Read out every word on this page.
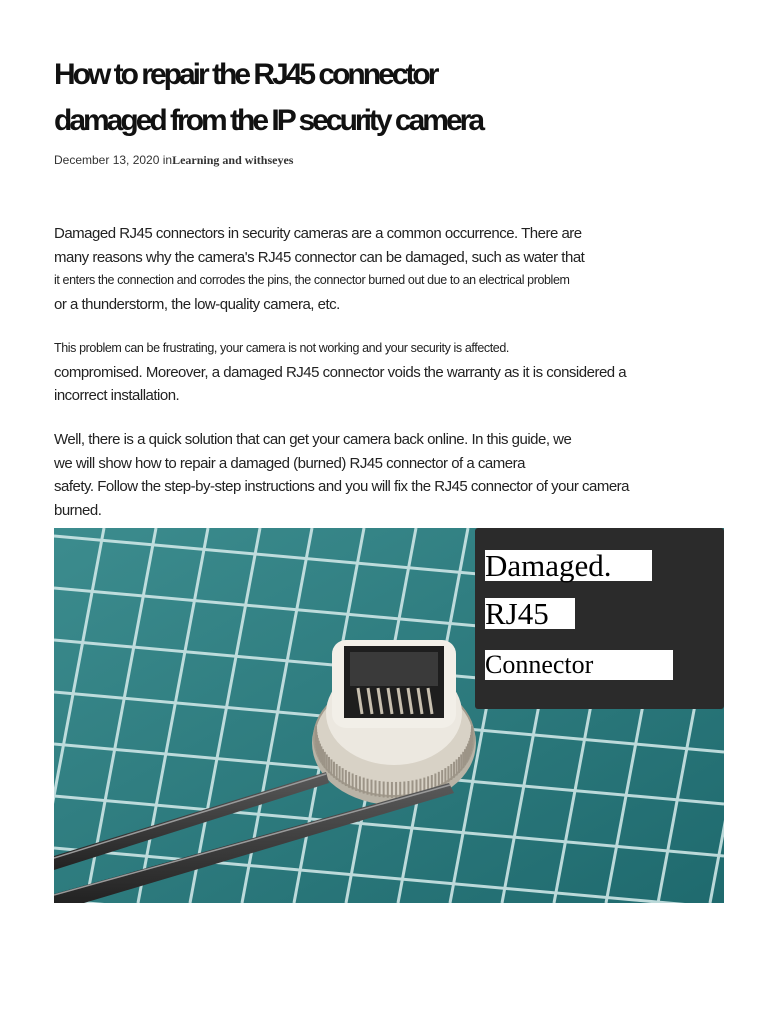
How to repair the RJ45 connector
damaged from the IP security camera
December 13, 2020 inLearning and withseyes

Damaged RJ45 connectors in security cameras are a common occurrence. There are
many reasons why the camera's RJ45 connector can be damaged, such as water that
it enters the connection and corrodes the pins, the connector burned out due to an electrical problem
or a thunderstorm, the low-quality camera, etc.

This problem can be frustrating, your camera is not working and your security is affected.
compromised. Moreover, a damaged RJ45 connector voids the warranty as it is considered a
incorrect installation.

Well, there is a quick solution that can get your camera back online. In this guide, we
we will show how to repair a damaged (burned) RJ45 connector of a camera
safety. Follow the step-by-step instructions and you will fix the RJ45 connector of your camera
burned.

Damaged.
RJ45
Connector
